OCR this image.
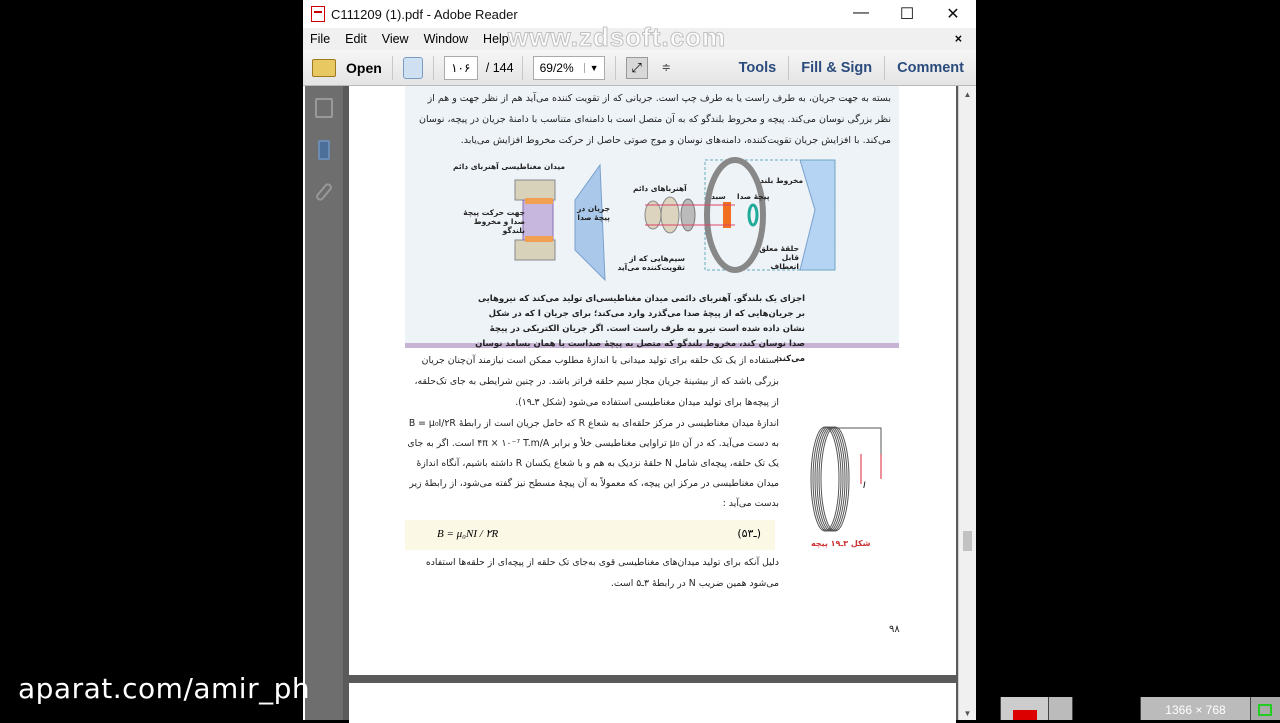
C111209 (1).pdf - Adobe Reader	—	☐	✕
File	Edit	View	Window	Help www.zdsoft.com	×
Open	۱۰۶	/ 144 69/2%	▼	⤢	≑	Tools Fill & Sign Comment

بسته به جهت جریان، به طرف راست یا به طرف چپ است. جریانی که از تقویت کننده می‌آید هم از نظر جهت و هم از نظر بزرگی نوسان می‌کند. پیچه و مخروط بلندگو که به آن متصل است با دامنه‌ای متناسب با دامنهٔ جریان در پیچه، نوسان می‌کند. با افزایش جریان تقویت‌کننده، دامنه‌های نوسان و موج صوتی حاصل از حرکت مخروط افزایش می‌یابد.

میدان مغناطیسی آهنربای دائم
جهت حرکت پیچهٔ صدا و مخروط بلندگو
جریان در پیچهٔ صدا
آهنرباهای دائم
سبد پیچهٔ صدا
مخروط بلند
سیم‌هایی که از تقویت‌کننده می‌آید
حلقهٔ معلق قابل انعطاف

اجزای یک بلندگو. آهنربای دائمی میدان مغناطیسی‌ای تولید می‌کند که نیروهایی بر جریان‌هایی که از پیچهٔ صدا می‌گذرد وارد می‌کند؛ برای جریان I که در شکل نشان داده شده است نیرو به طرف راست است. اگر جریان الکتریکی در پیچهٔ صدا نوسان کند، مخروط بلندگو که متصل به پیچهٔ صداست با همان بسامد نوسان می‌کند.

استفاده از یک تک حلقه برای تولید میدانی با اندازهٔ مطلوب ممکن است نیازمند آن‌چنان جریان بزرگی باشد که از بیشینهٔ جریان مجاز سیم حلقه فراتر باشد. در چنین شرایطی به جای تک‌حلقه، از پیچه‌ها برای تولید میدان مغناطیسی استفاده می‌شود (شکل ۳ـ۱۹).

اندازهٔ میدان مغناطیسی در مرکز حلقه‌ای به شعاع R که حامل جریان است از رابطهٔ B = μ₀I/۲R به دست می‌آید. که در آن μ₀ تراوایی مغناطیسی خلأ و برابر ۴π × ۱۰⁻⁷ T.m/A است. اگر به جای یک تک حلقه، پیچه‌ای شامل N حلقهٔ نزدیک به هم و با شعاع یکسان R داشته باشیم، آنگاه اندازهٔ میدان مغناطیسی در مرکز این پیچه، که معمولاً به آن پیچهٔ مسطح نیز گفته می‌شود، از رابطهٔ زیر بدست می‌آید :

B = μ₀NI / ۲R	(۵ـ۳)

دلیل آنکه برای تولید میدان‌های مغناطیسی قوی به‌جای تک حلقه از پیچه‌ای از حلقه‌ها استفاده می‌شود همین ضریب N در رابطهٔ ۳ـ۵ است.

I
شکل ۳ـ۱۹ پیچه
۹۸
▲
▼
aparat.com/amir_ph
1366 × 768
